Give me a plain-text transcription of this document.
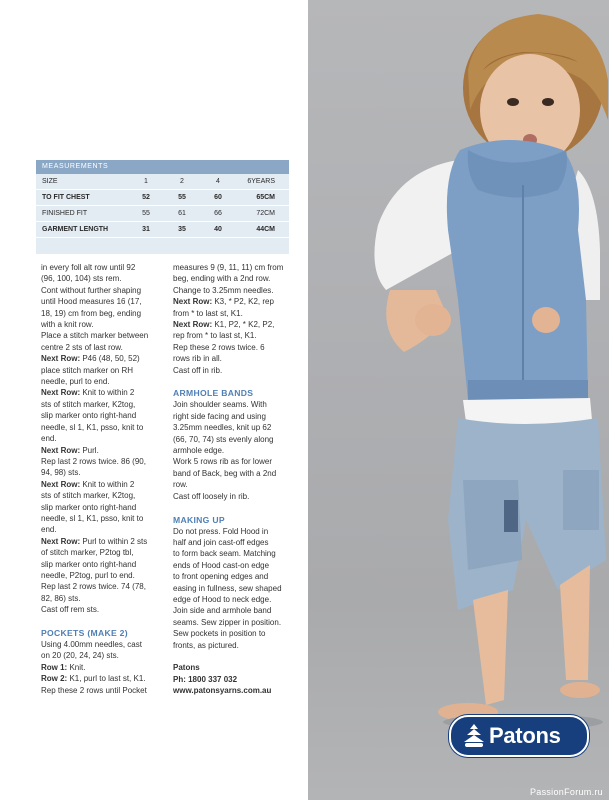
MEASUREMENTS
SIZE	1	2	4	6YEARS
TO FIT CHEST	52	55	60	65CM
FINISHED FIT	55	61	66	72CM
GARMENT LENGTH	31	35	40	44CM

in every foll alt row until 92

(96, 100, 104) sts rem.

Cont without further shaping

until Hood measures 16 (17,

18, 19) cm from beg, ending

with a knit row.

Place a stitch marker between

centre 2 sts of last row.

Next Row: P46 (48, 50, 52)

place stitch marker on RH

needle, purl to end.

Next Row: Knit to within 2

sts of stitch marker, K2tog,

slip marker onto right-hand

needle, sl 1, K1, psso, knit to

end.

Next Row: Purl.

Rep last 2 rows twice. 86 (90,

94, 98) sts.

Next Row: Knit to within 2

sts of stitch marker, K2tog,

slip marker onto right-hand

needle, sl 1, K1, psso, knit to

end.

Next Row: Purl to within 2 sts

of stitch marker, P2tog tbl,

slip marker onto right-hand

needle, P2tog, purl to end.

Rep last 2 rows twice. 74 (78,

82, 86) sts.

Cast off rem sts.

POCKETS (MAKE 2)

Using 4.00mm needles, cast

on 20 (20, 24, 24) sts.

Row 1: Knit.

Row 2: K1, purl to last st, K1.

Rep these 2 rows until Pocket

measures 9 (9, 11, 11) cm from

beg, ending with a 2nd row.

Change to 3.25mm needles.

Next Row: K3, * P2, K2, rep

from * to last st, K1.

Next Row: K1, P2, * K2, P2,

rep from * to last st, K1.

Rep these 2 rows twice. 6

rows rib in all.

Cast off in rib.

ARMHOLE BANDS

Join shoulder seams. With

right side facing and using

3.25mm needles, knit up 62

(66, 70, 74) sts evenly along

armhole edge.

Work 5 rows rib as for lower

band of Back, beg with a 2nd

row.

Cast off loosely in rib.

MAKING UP

Do not press. Fold Hood in

half and join cast-off edges

to form back seam. Matching

ends of Hood cast-on edge

to front opening edges and

easing in fullness, sew shaped

edge of Hood to neck edge.

Join side and armhole band

seams. Sew zipper in position.

Sew pockets in position to

fronts, as pictured.

Patons

Ph: 1800 337 032

www.patonsyarns.com.au

Patons
PassionForum.ru
